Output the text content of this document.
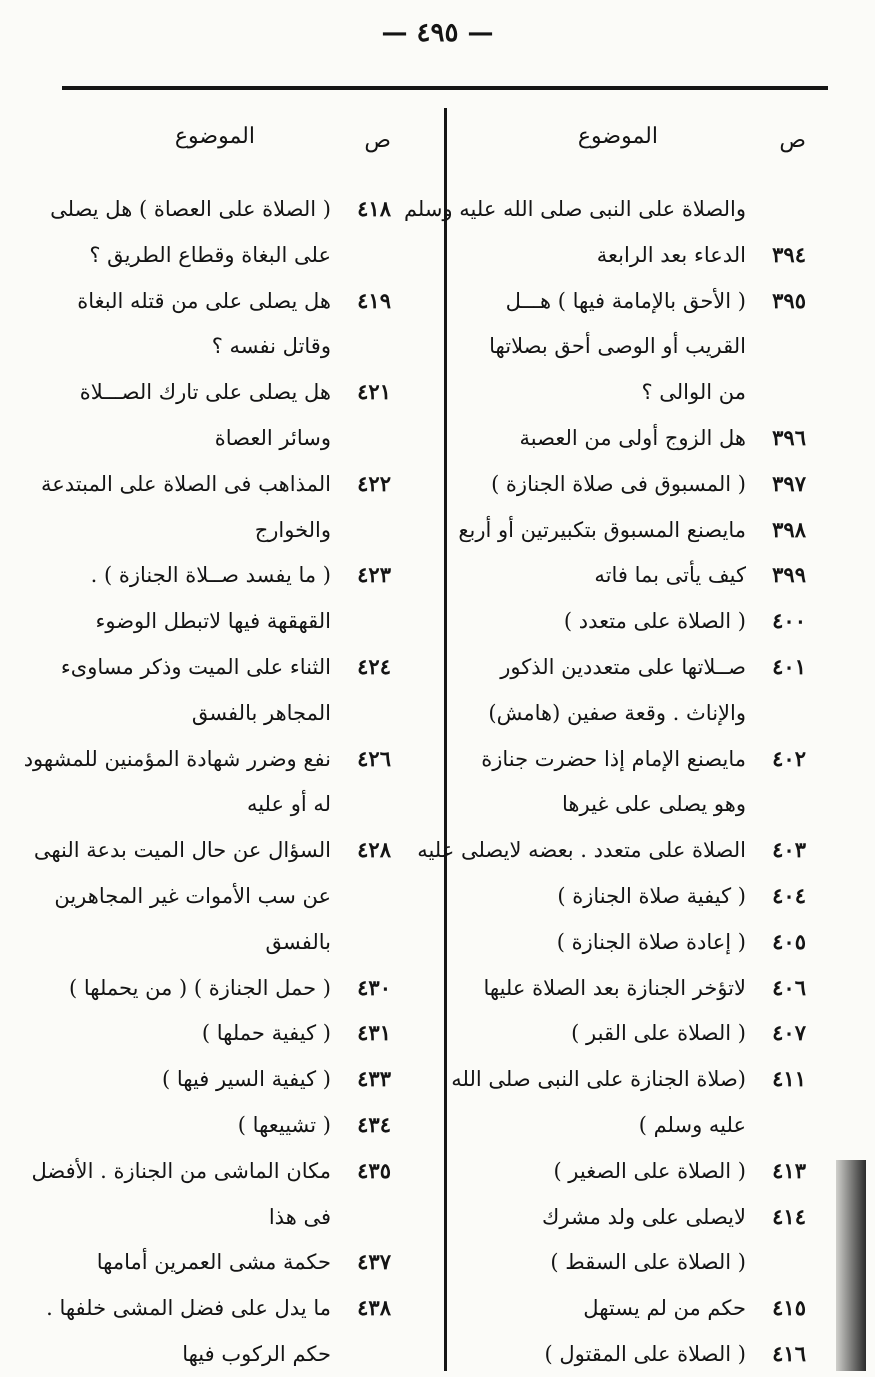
— ٤٩٥ —
ص
الموضوع
والصلاة على النبى صلى الله عليه وسلم
٣٩٤
الدعاء بعد الرابعة
٣٩٥
( الأحق بالإمامة فيها ) هـــل
القريب أو الوصى أحق بصلاتها
من الوالى ؟
٣٩٦
هل الزوج أولى من العصبة
٣٩٧
( المسبوق فى صلاة الجنازة )
٣٩٨
مايصنع المسبوق بتكبيرتين أو أربع
٣٩٩
كيف يأتى بما فاته
٤٠٠
( الصلاة على متعدد )
٤٠١
صــلاتها على متعددين الذكور
والإناث . وقعة صفين (هامش)
٤٠٢
مايصنع الإمام إذا حضرت جنازة
وهو يصلى على غيرها
٤٠٣
الصلاة على متعدد . بعضه لايصلى عليه
٤٠٤
( كيفية صلاة الجنازة )
٤٠٥
( إعادة صلاة الجنازة )
٤٠٦
لاتؤخر الجنازة بعد الصلاة عليها
٤٠٧
( الصلاة على القبر )
٤١١
(صلاة الجنازة على النبى صلى الله
عليه وسلم )
٤١٣
( الصلاة على الصغير )
٤١٤
لايصلى على ولد مشرك
( الصلاة على السقط )
٤١٥
حكم من لم يستهل
٤١٦
( الصلاة على المقتول )
ص
الموضوع
٤١٨
( الصلاة على العصاة ) هل يصلى
على البغاة وقطاع الطريق ؟
٤١٩
هل يصلى على من قتله البغاة
وقاتل نفسه ؟
٤٢١
هل يصلى على تارك الصـــلاة
وسائر العصاة
٤٢٢
المذاهب فى الصلاة على المبتدعة
والخوارج
٤٢٣
( ما يفسد صــلاة الجنازة ) .
القهقهة فيها لاتبطل الوضوء
٤٢٤
الثناء على الميت وذكر مساوىء
المجاهر بالفسق
٤٢٦
نفع وضرر شهادة المؤمنين للمشهود
له أو عليه
٤٢٨
السؤال عن حال الميت بدعة النهى
عن سب الأموات غير المجاهرين
بالفسق
٤٣٠
( حمل الجنازة ) ( من يحملها )
٤٣١
( كيفية حملها )
٤٣٣
( كيفية السير فيها )
٤٣٤
( تشييعها )
٤٣٥
مكان الماشى من الجنازة . الأفضل
فى هذا
٤٣٧
حكمة مشى العمرين أمامها
٤٣٨
ما يدل على فضل المشى خلفها .
حكم الركوب فيها
